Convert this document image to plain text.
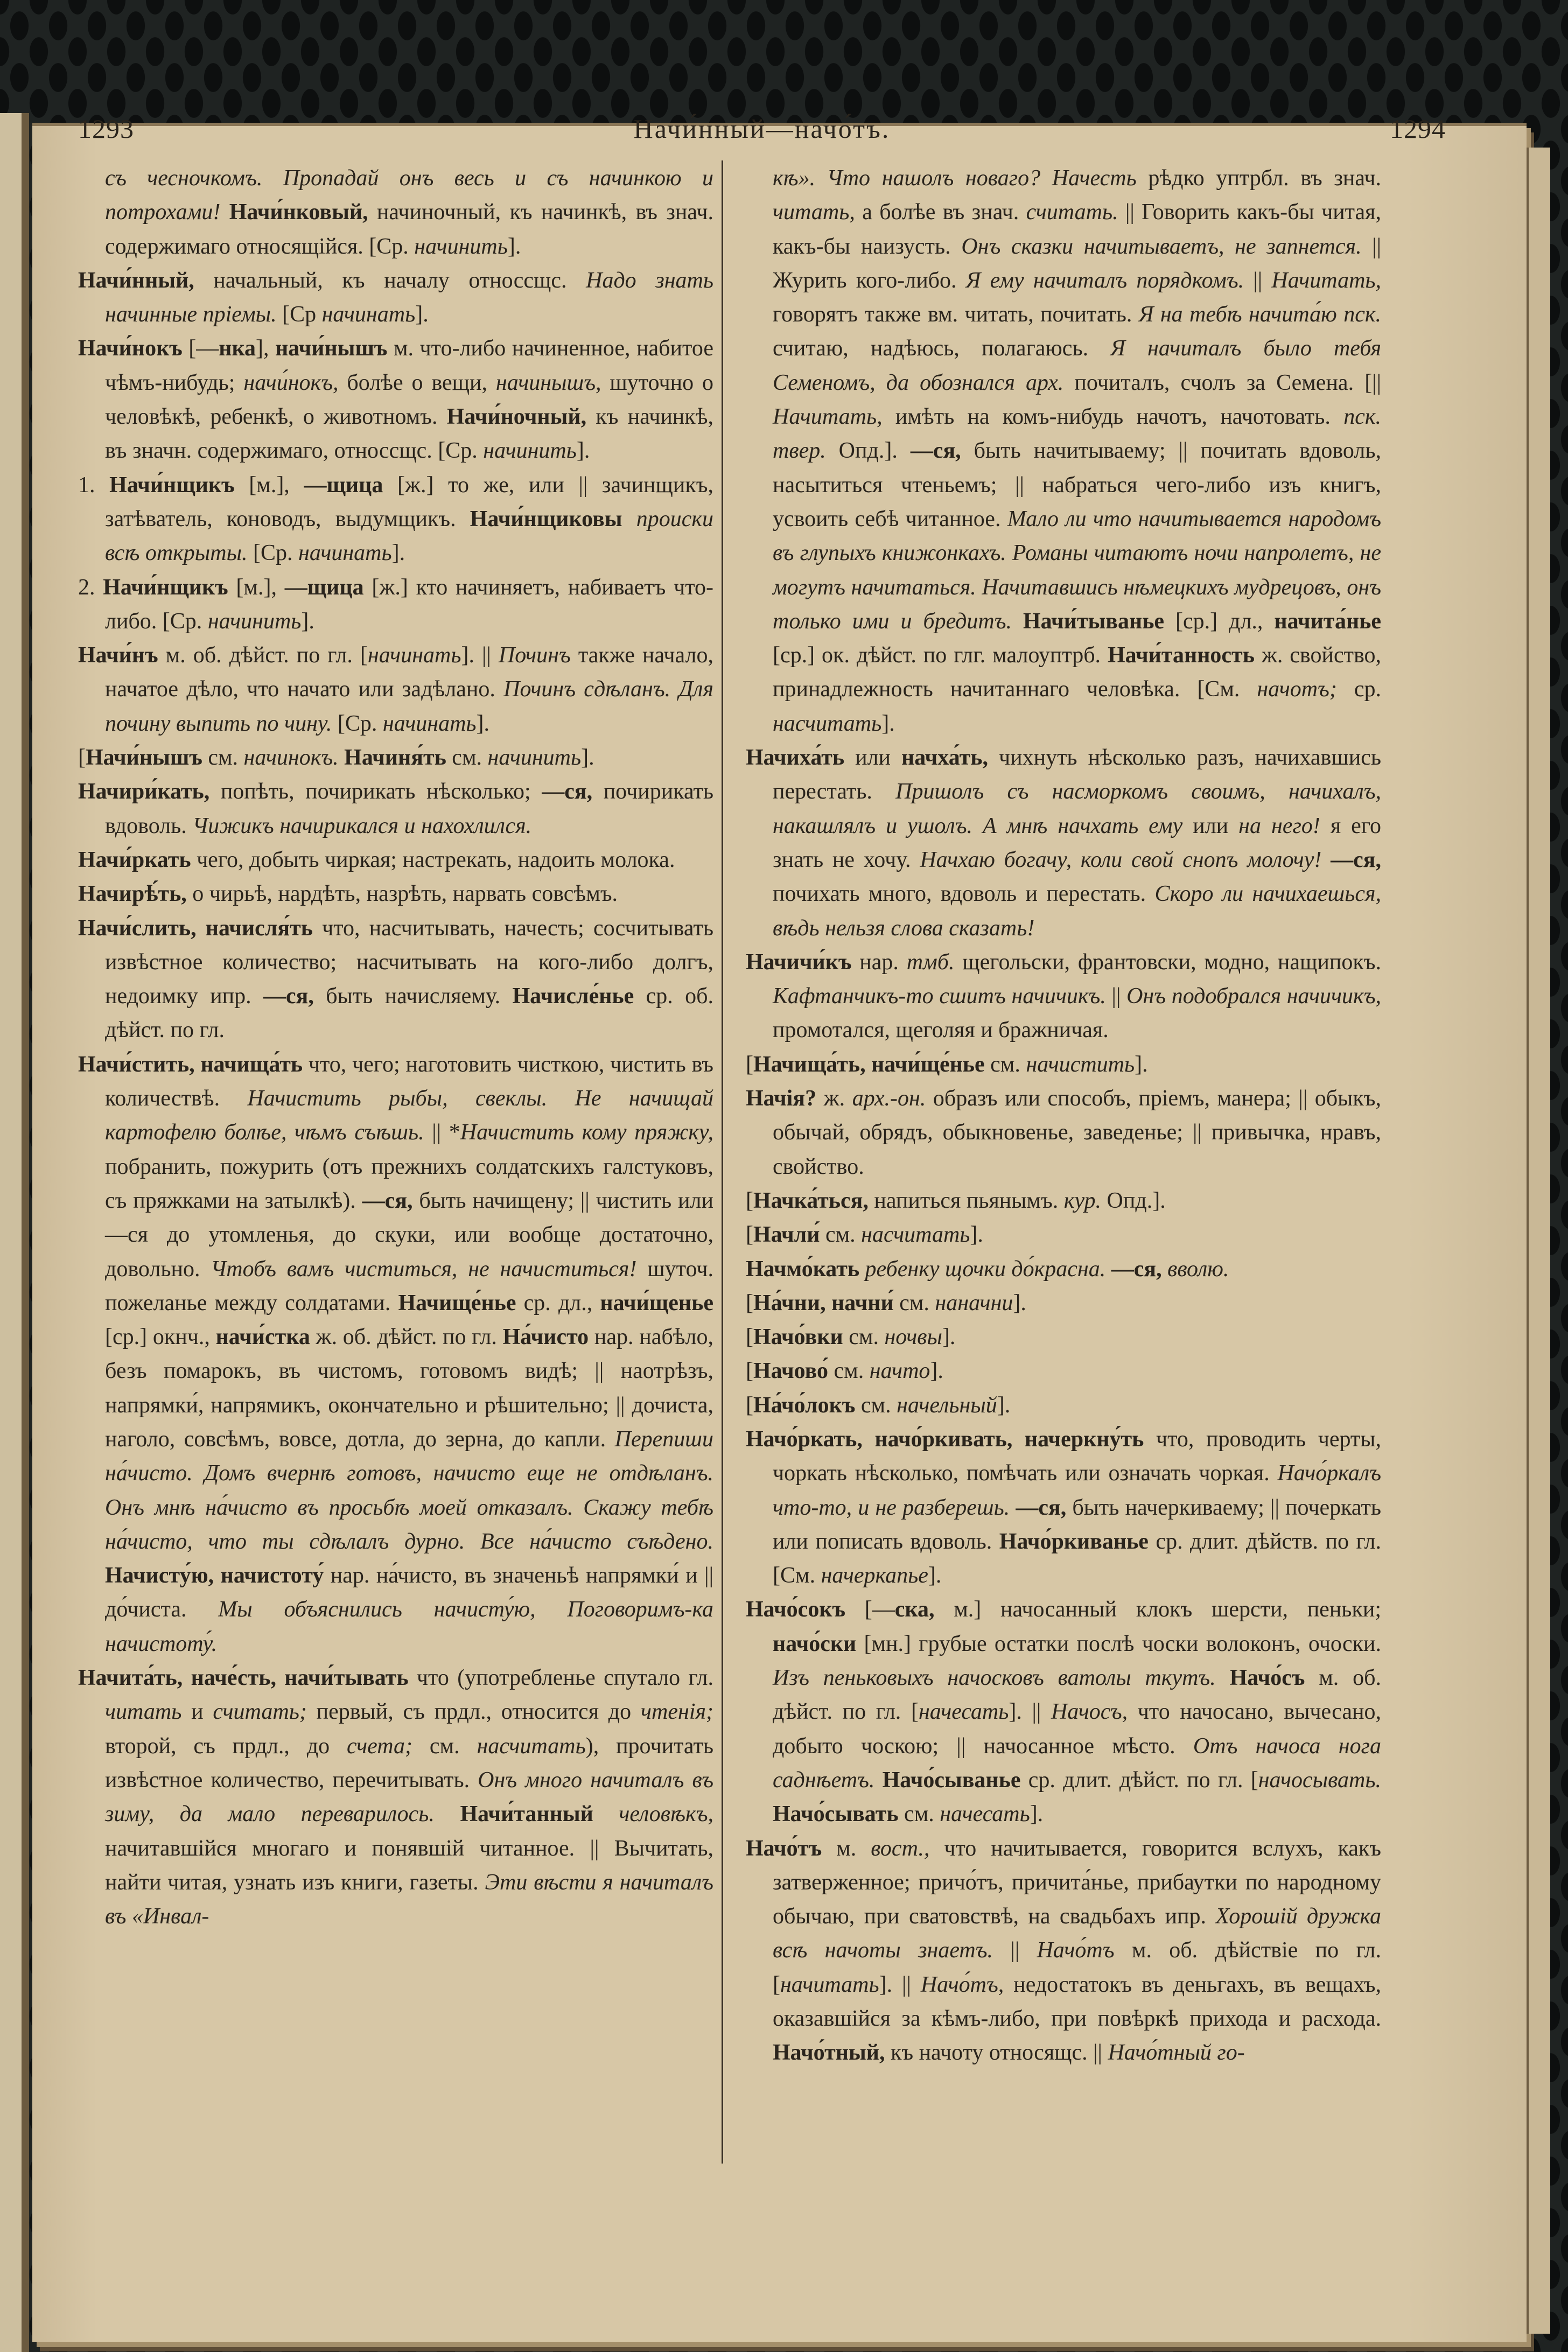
1293	Начи́нный—начо́тъ.	1294

съ чесночкомъ. Пропадай онъ весь и съ начинкою и потрохами! Начи́нковый, начиночный, къ начинкѣ, въ знач. содержимаго относящiйся. [Ср. начинить].

Начи́нный, начальный, къ началу относсщс. Надо знать начинные прiемы. [Ср начинать].

Начи́нокъ [—нка], начи́нышъ м. что-либо начиненное, набитое чѣмъ-нибудь; начи́нокъ, болѣе о вещи, начинышъ, шуточно о человѣкѣ, ребенкѣ, о животномъ. Начи́ночный, къ начинкѣ, въ значн. содержимаго, относсщс. [Ср. начинить].

1. Начи́нщикъ [м.], —щица [ж.] то же, или || зачинщикъ, затѣватель, коноводъ, выдумщикъ. Начи́нщиковы происки всѣ открыты. [Ср. начинать].

2. Начи́нщикъ [м.], —щица [ж.] кто начиняетъ, набиваетъ что-либо. [Ср. начинить].

Начи́нъ м. об. дѣйст. по гл. [начинать]. || Починъ также начало, начатое дѣло, что начато или задѣлано. Починъ сдѣланъ. Для почину выпить по чину. [Ср. начинать].

[Начи́нышъ см. начинокъ. Начиня́ть см. начинить].

Начири́кать, попѣть, почирикать нѣсколько; —ся, почирикать вдоволь. Чижикъ начирикался и нахохлился.

Начи́ркать чего, добыть чиркая; настрекать, надоить молока.

Начирѣ́ть, о чирьѣ, нардѣть, назрѣть, нарвать совсѣмъ.

Начи́слить, начисля́ть что, насчитывать, начесть; сосчитывать извѣстное количество; насчитывать на кого-либо долгъ, недоимку ипр. —ся, быть начисляему. Начисле́нье ср. об. дѣйст. по гл.

Начи́стить, начища́ть что, чего; наготовить чисткою, чистить въ количествѣ. Начистить рыбы, свеклы. Не начищай картофелю болѣе, чѣмъ съѣшь. || *Начистить кому пряжку, побранить, пожурить (отъ прежнихъ солдатскихъ галстуковъ, съ пряжками на затылкѣ). —ся, быть начищену; || чистить или —ся до утомленья, до скуки, или вообще достаточно, довольно. Чтобъ вамъ чиститься, не начиститься! шуточ. пожеланье между солдатами. Начище́нье ср. дл., начи́щенье [ср.] окнч., начи́стка ж. об. дѣйст. по гл. На́чисто нар. набѣло, безъ помарокъ, въ чистомъ, готовомъ видѣ; || наотрѣзъ, напрямки́, напрямикъ, окончательно и рѣшительно; || дочиста, наголо, совсѣмъ, вовсе, дотла, до зерна, до капли. Перепиши на́чисто. Домъ вчернѣ готовъ, начисто еще не отдѣланъ. Онъ мнѣ на́чисто въ просьбѣ моей отказалъ. Скажу тебѣ на́чисто, что ты сдѣлалъ дурно. Все на́чисто съѣдено. Начисту́ю, начистоту́ нар. на́чисто, въ значеньѣ напрямки́ и || до́чиста. Мы объяснились начисту́ю, Поговоримъ-ка начистоту́.

Начита́ть, наче́сть, начи́тывать что (употребленье спутало гл. читать и считать; первый, съ прдл., относится до чтенiя; второй, съ прдл., до счета; см. насчитать), прочитать извѣстное количество, перечитывать. Онъ много начиталъ въ зиму, да мало переварилось. Начи́танный человѣкъ, начитавшiйся многаго и понявшiй читанное. || Вычитать, найти читая, узнать изъ книги, газеты. Эти вѣсти я начиталъ въ «Инвал-

кѣ». Что нашолъ новаго? Начесть рѣдко уптрбл. въ знач. читать, а болѣе въ знач. считать. || Говорить какъ-бы читая, какъ-бы наизусть. Онъ сказки начитываетъ, не запнется. || Журить кого-либо. Я ему начиталъ порядкомъ. || Начитать, говорятъ также вм. читать, почитать. Я на тебѣ начита́ю пск. считаю, надѣюсь, полагаюсь. Я начиталъ было тебя Семеномъ, да обознался арх. почиталъ, счолъ за Семена. [|| Начитать, имѣть на комъ-нибудь начотъ, начотовать. пск. твер. Опд.]. —ся, быть начитываему; || почитать вдоволь, насытиться чтеньемъ; || набраться чего-либо изъ книгъ, усвоить себѣ читанное. Мало ли что начитывается народомъ въ глупыхъ книжонкахъ. Романы читаютъ ночи напролетъ, не могутъ начитаться. Начитавшись нѣмецкихъ мудрецовъ, онъ только ими и бредитъ. Начи́тыванье [ср.] дл., начита́нье [ср.] ок. дѣйст. по глг. малоуптрб. Начи́танность ж. свойство, принадлежность начитаннаго человѣка. [См. начотъ; ср. насчитать].

Начиха́ть или начха́ть, чихнуть нѣсколько разъ, начихавшись перестать. Пришолъ съ насморкомъ своимъ, начихалъ, накашлялъ и ушолъ. А мнѣ начхать ему или на него! я его знать не хочу. Начхаю богачу, коли свой снопъ молочу! —ся, почихать много, вдоволь и перестать. Скоро ли начихаешься, вѣдь нельзя слова сказать!

Начичи́къ нар. тмб. щегольски, франтовски, модно, нащипокъ. Кафтанчикъ-то сшитъ начичикъ. || Онъ подобрался начичикъ, промотался, щеголяя и бражничая.

[Начища́ть, начи́ще́нье см. начистить].

Начiя? ж. арх.-он. образъ или способъ, прiемъ, манера; || обыкъ, обычай, обрядъ, обыкновенье, заведенье; || привычка, нравъ, свойство.

[Начка́ться, напиться пьянымъ. кур. Опд.].

[Начли́ см. насчитать].

Начмо́кать ребенку щочки до́красна. —ся, вволю.

[На́чни, начни́ см. наначни].

[Начо́вки см. ночвы].

[Начово́ см. начто].

[На́чо́локъ см. начельный].

Начо́ркать, начо́ркивать, начеркну́ть что, проводить черты, чоркать нѣсколько, помѣчать или означать чоркая. Начо́ркалъ что-то, и не разберешь. —ся, быть начеркиваему; || почеркать или пописать вдоволь. Начо́ркиванье ср. длит. дѣйств. по гл. [См. начеркаnье].

Начо́сокъ [—ска, м.] начосанный клокъ шерсти, пеньки; начо́ски [мн.] грубые остатки послѣ чоски волоконъ, очоски. Изъ пеньковыхъ начосковъ ватолы ткутъ. Начо́съ м. об. дѣйст. по гл. [начесать]. || Начосъ, что начосано, вычесано, добыто чоскою; || начосанное мѣсто. Отъ начоса нога саднѣетъ. Начо́сыванье ср. длит. дѣйст. по гл. [начосывать. Начо́сывать см. начесать].

Начо́тъ м. вост., что начитывается, говорится вслухъ, какъ затверженное; причо́тъ, причита́нье, прибаутки по народному обычаю, при сватовствѣ, на свадьбахъ ипр. Хорошiй дружка всѣ начоты знаетъ. || Начо́тъ м. об. дѣйствiе по гл. [начитать]. || Начо́тъ, недостатокъ въ деньгахъ, въ вещахъ, оказавшiйся за кѣмъ-либо, при повѣркѣ прихода и расхода. Начо́тный, къ начоту относящс. || Начо́тный го-
